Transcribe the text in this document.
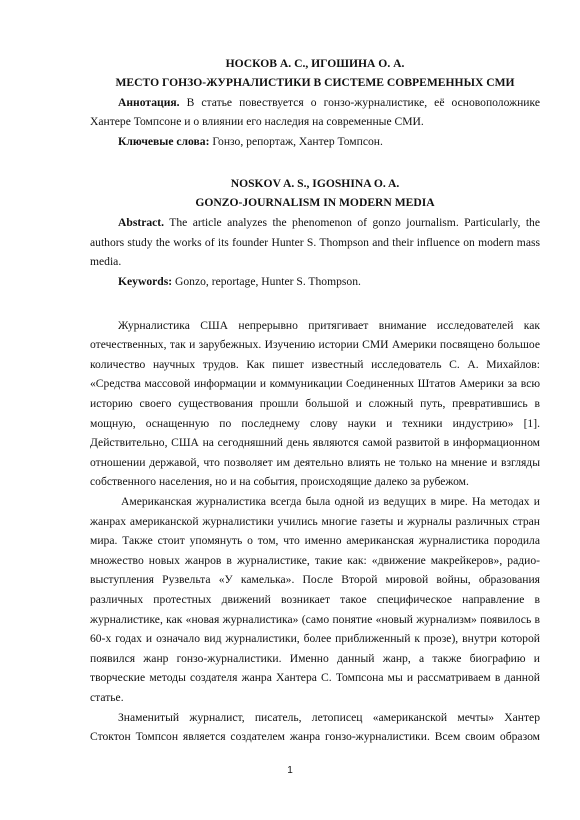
НОСКОВ А. С., ИГОШИНА О. А.
МЕСТО ГОНЗО-ЖУРНАЛИСТИКИ В СИСТЕМЕ СОВРЕМЕННЫХ СМИ
Аннотация. В статье повествуется о гонзо-журналистике, её основоположнике
Хантере Томпсоне и о влиянии его наследия на современные СМИ.
Ключевые слова: Гонзо, репортаж, Хантер Томпсон.
NOSKOV A. S., IGOSHINA O. A.
GONZO-JOURNALISM IN MODERN MEDIA
Abstract. The article analyzes the phenomenon of gonzo journalism. Particularly, the
authors study the works of its founder Hunter S. Thompson and their influence on modern mass
media.
Keywords: Gonzo, reportage, Hunter S. Thompson.
Журналистика США непрерывно притягивает внимание исследователей как
отечественных, так и зарубежных. Изучению истории СМИ Америки посвящено большое
количество научных трудов. Как пишет известный исследователь С. А. Михайлов:
«Средства массовой информации и коммуникации Соединенных Штатов Америки за всю
историю своего существования прошли большой и сложный путь, превратившись в
мощную, оснащенную по последнему слову науки и техники индустрию» [1].
Действительно, США на сегодняшний день являются самой развитой в информационном
отношении державой, что позволяет им деятельно влиять не только на мнение и взгляды
собственного населения, но и на события, происходящие далеко за рубежом.
Американская журналистика всегда была одной из ведущих в мире. На методах и
жанрах американской журналистики учились многие газеты и журналы различных стран
мира. Также стоит упомянуть о том, что именно американская журналистика породила
множество новых жанров в журналистике, такие как: «движение макрейкеров», радио-
выступления Рузвельта «У камелька». После Второй мировой войны, образования
различных протестных движений возникает такое специфическое направление в
журналистике, как «новая журналистика» (само понятие «новый журнализм» появилось в
60-х годах и означало вид журналистики, более приближенный к прозе), внутри которой
появился жанр гонзо-журналистики. Именно данный жанр, а также биографию и
творческие методы создателя жанра Хантера С. Томпсона мы и рассматриваем в данной
статье.
Знаменитый журналист, писатель, летописец «американской мечты» Хантер
Стоктон Томпсон является создателем жанра гонзо-журналистики. Всем своим образом
1
